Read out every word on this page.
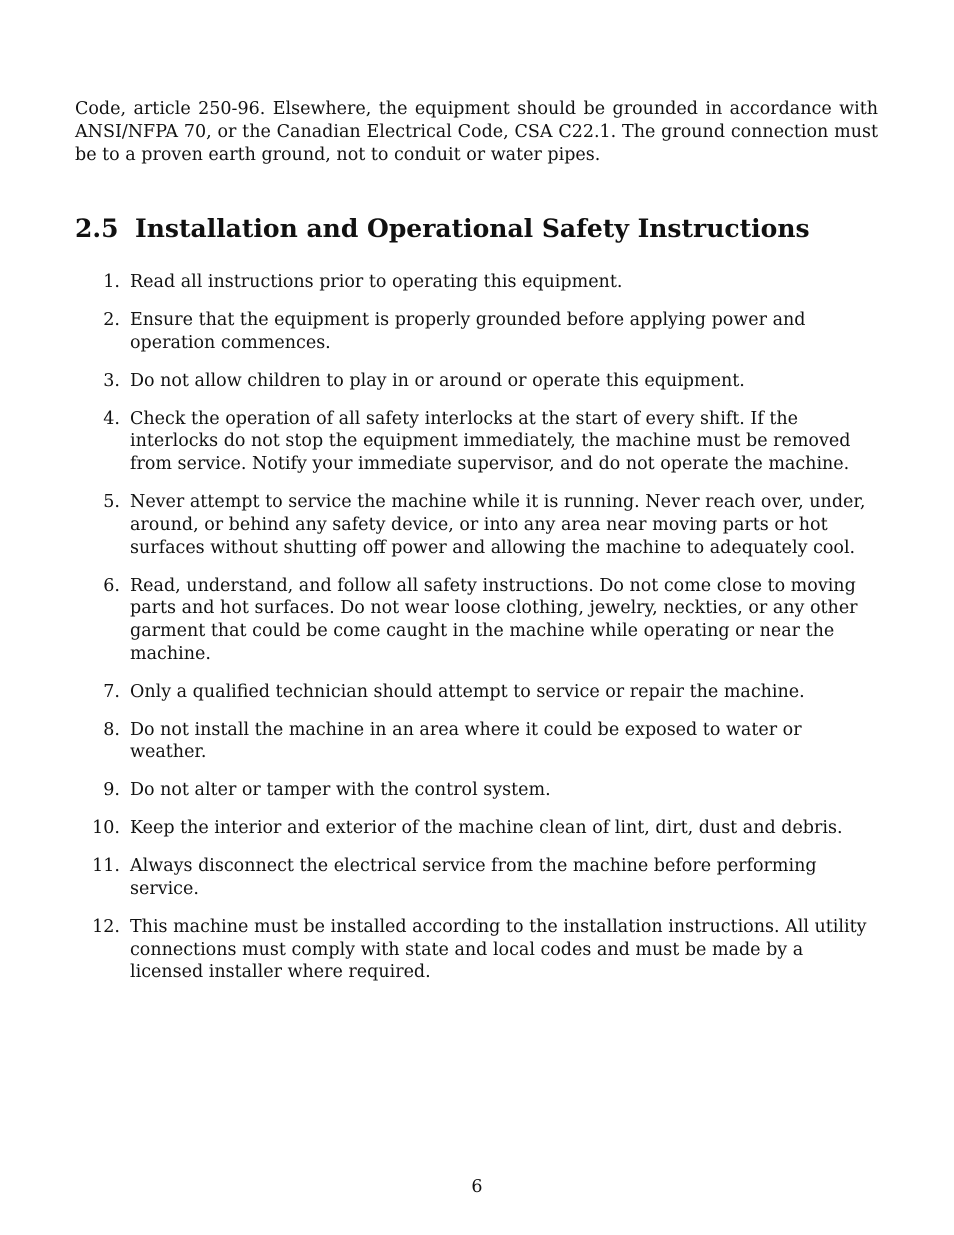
Code, article 250-96. Elsewhere, the equipment should be grounded in accordance with ANSI/NFPA 70, or the Canadian Electrical Code, CSA C22.1. The ground connection must be to a proven earth ground, not to conduit or water pipes.

2.5 Installation and Operational Safety Instructions
1. Read all instructions prior to operating this equipment.
2. Ensure that the equipment is properly grounded before applying power and operation commences.
3. Do not allow children to play in or around or operate this equipment.
4. Check the operation of all safety interlocks at the start of every shift. If the interlocks do not stop the equipment immediately, the machine must be removed from service. Notify your immediate supervisor, and do not operate the machine.
5. Never attempt to service the machine while it is running. Never reach over, under, around, or behind any safety device, or into any area near moving parts or hot surfaces without shutting off power and allowing the machine to adequately cool.
6. Read, understand, and follow all safety instructions. Do not come close to moving parts and hot surfaces. Do not wear loose clothing, jewelry, neckties, or any other garment that could be come caught in the machine while operating or near the machine.
7. Only a qualified technician should attempt to service or repair the machine.
8. Do not install the machine in an area where it could be exposed to water or weather.
9. Do not alter or tamper with the control system.
10. Keep the interior and exterior of the machine clean of lint, dirt, dust and debris.
11. Always disconnect the electrical service from the machine before performing service.
12. This machine must be installed according to the installation instructions. All utility connections must comply with state and local codes and must be made by a licensed installer where required.
6
